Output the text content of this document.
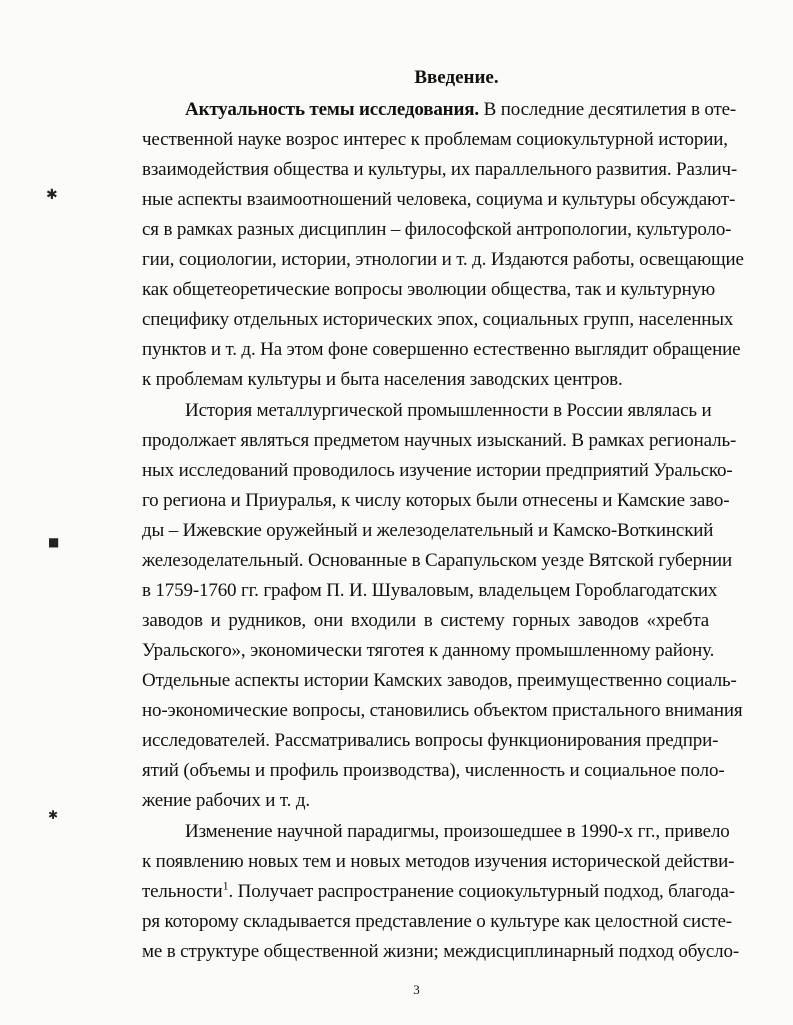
Введение.
Актуальность темы исследования. В последние десятилетия в оте-
чественной науке возрос интерес к проблемам социокультурной истории,
взаимодействия общества и культуры, их параллельного развития. Различ-
ные аспекты взаимоотношений человека, социума и культуры обсуждают-
ся в рамках разных дисциплин – философской антропологии, культуроло-
гии, социологии, истории, этнологии и т. д. Издаются работы, освещающие
как общетеоретические вопросы эволюции общества, так и культурную
специфику отдельных исторических эпох, социальных групп, населенных
пунктов и т. д. На этом фоне совершенно естественно выглядит обращение
к проблемам культуры и быта населения заводских центров.
История металлургической промышленности в России являлась и
продолжает являться предметом научных изысканий. В рамках региональ-
ных исследований проводилось изучение истории предприятий Уральско-
го региона и Приуралья, к числу которых были отнесены и Камские заво-
ды – Ижевские оружейный и железоделательный и Камско-Воткинский
железоделательный. Основанные в Сарапульском уезде Вятской губернии
в 1759-1760 гг. графом П. И. Шуваловым, владельцем Гороблагодатских
заводов и рудников, они входили в систему горных заводов «хребта
Уральского», экономически тяготея к данному промышленному району.
Отдельные аспекты истории Камских заводов, преимущественно социаль-
но-экономические вопросы, становились объектом пристального внимания
исследователей. Рассматривались вопросы функционирования предпри-
ятий (объемы и профиль производства), численность и социальное поло-
жение рабочих и т. д.
Изменение научной парадигмы, произошедшее в 1990-х гг., привело
к появлению новых тем и новых методов изучения исторической действи-
тельности$^1$. Получает распространение социокультурный подход, благода-
ря которому складывается представление о культуре как целостной систе-
ме в структуре общественной жизни; междисциплинарный подход обусло-
3
✱
■
✱
